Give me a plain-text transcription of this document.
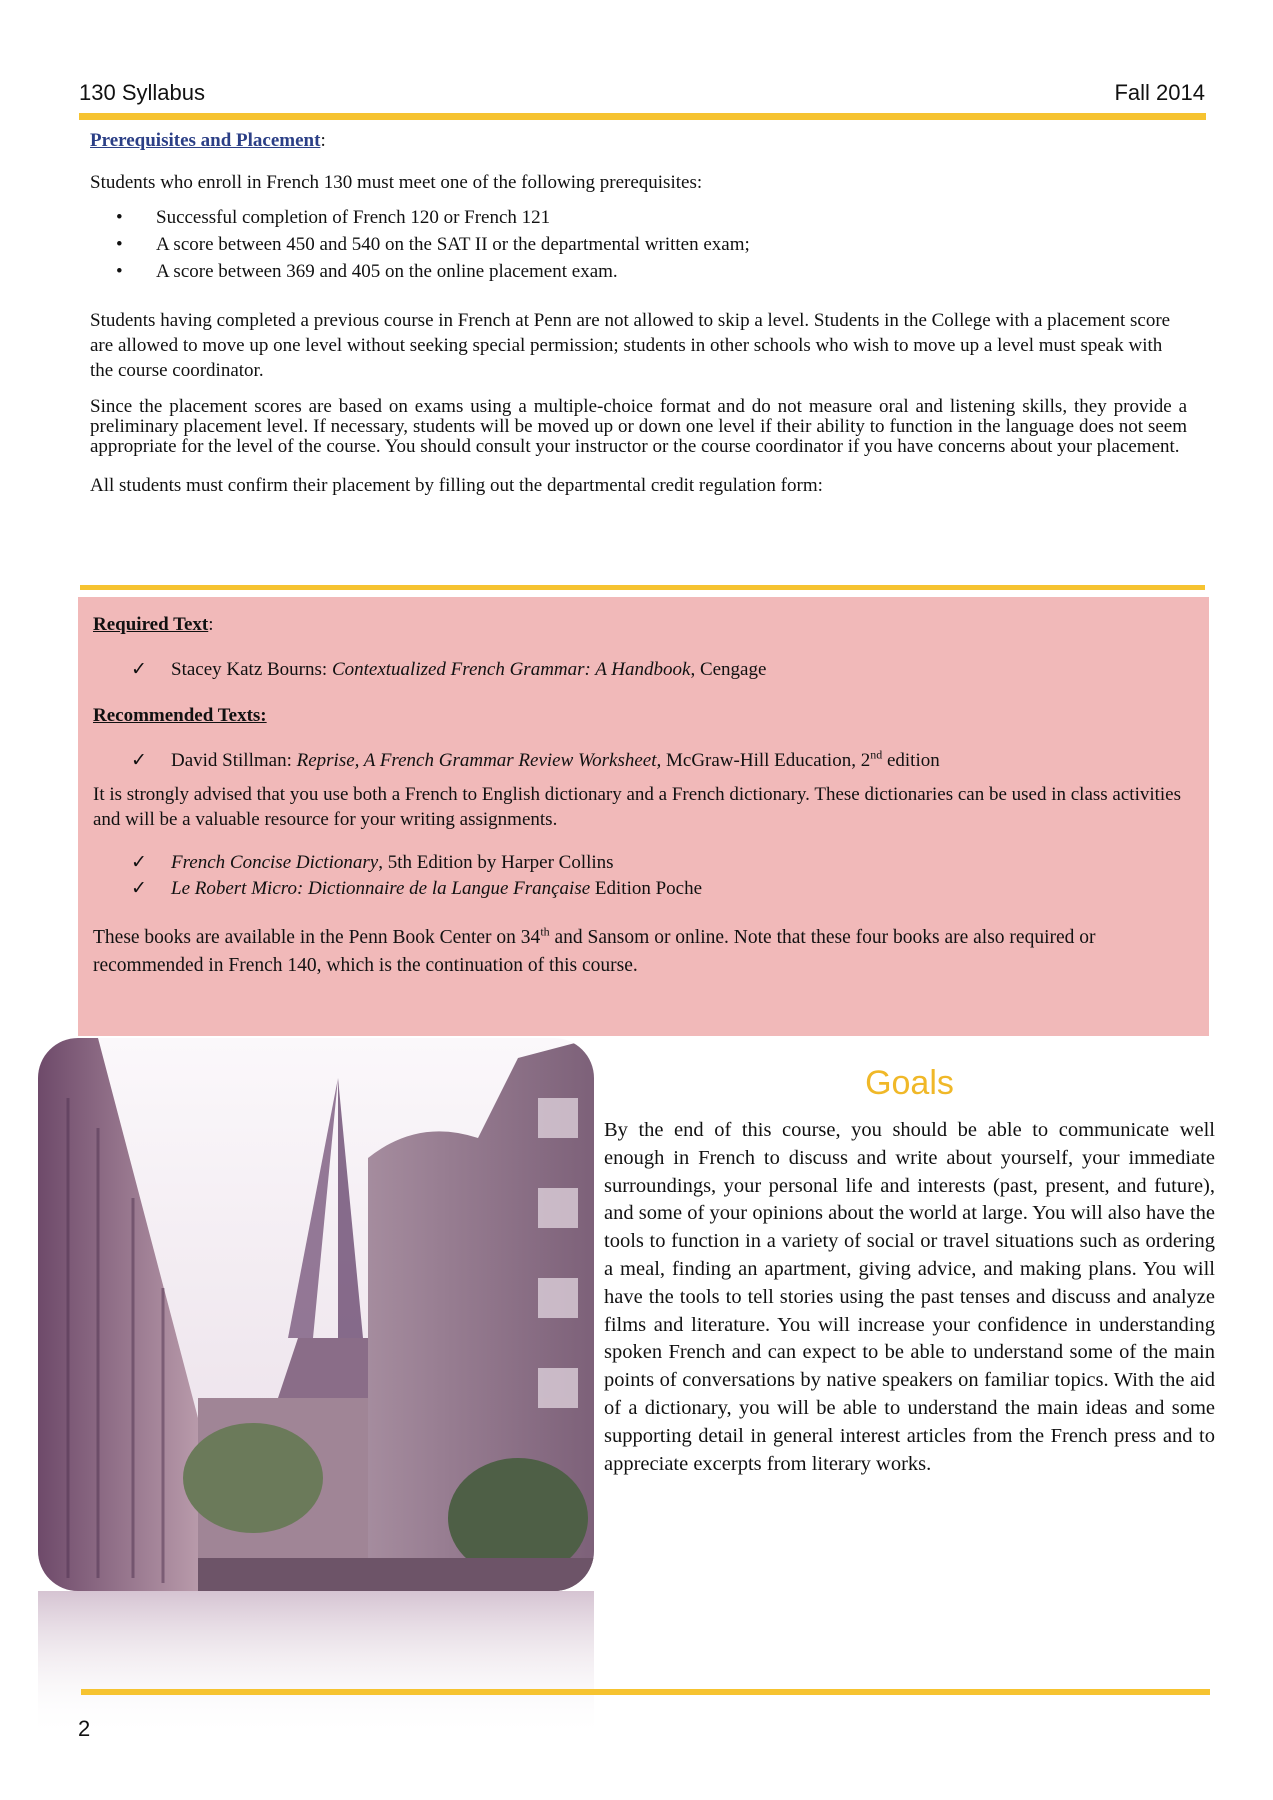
130 Syllabus	Fall 2014
Prerequisites and Placement:

Students who enroll in French 130 must meet one of the following prerequisites:

• Successful completion of French 120 or French 121
• A score between 450 and 540 on the SAT II or the departmental written exam;
• A score between 369 and 405 on the online placement exam.

Students having completed a previous course in French at Penn are not allowed to skip a level. Students in the College with a placement score are allowed to move up one level without seeking special permission; students in other schools who wish to move up a level must speak with the course coordinator.

Since the placement scores are based on exams using a multiple-choice format and do not measure oral and listening skills, they provide a preliminary placement level. If necessary, students will be moved up or down one level if their ability to function in the language does not seem appropriate for the level of the course. You should consult your instructor or the course coordinator if you have concerns about your placement.

All students must confirm their placement by filling out the departmental credit regulation form:

Required Text:
✓ Stacey Katz Bourns: Contextualized French Grammar: A Handbook, Cengage
Recommended Texts:
✓ David Stillman: Reprise, A French Grammar Review Worksheet, McGraw-Hill Education, 2nd edition

It is strongly advised that you use both a French to English dictionary and a French dictionary. These dictionaries can be used in class activities and will be a valuable resource for your writing assignments.

✓ French Concise Dictionary, 5th Edition by Harper Collins
✓ Le Robert Micro: Dictionnaire de la Langue Française Edition Poche

These books are available in the Penn Book Center on 34th and Sansom or online. Note that these four books are also required or recommended in French 140, which is the continuation of this course.

Goals

By the end of this course, you should be able to communicate well enough in French to discuss and write about yourself, your immediate surroundings, your personal life and interests (past, present, and future), and some of your opinions about the world at large. You will also have the tools to function in a variety of social or travel situations such as ordering a meal, finding an apartment, giving advice, and making plans. You will have the tools to tell stories using the past tenses and discuss and analyze films and literature. You will increase your confidence in understanding spoken French and can expect to be able to understand some of the main points of conversations by native speakers on familiar topics. With the aid of a dictionary, you will be able to understand the main ideas and some supporting detail in general interest articles from the French press and to appreciate excerpts from literary works.

2
